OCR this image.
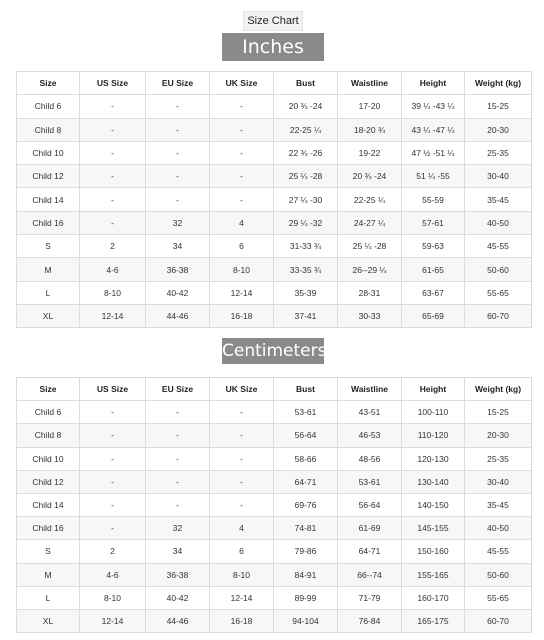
Size Chart
Inches
Size	US Size	EU Size	UK Size	Bust	Waistline	Height	Weight (kg)
Child 6	-	-	-	20 ¾ -24	17-20	39 ¼ -43 ¼	15-25
Child 8	-	-	-	22-25 ¼	18-20 ¾	43 ¼ -47 ¼	20-30
Child 10	-	-	-	22 ¾ -26	19-22	47 ½ -51 ¼	25-35
Child 12	-	-	-	25 ¼ -28	20 ¾ -24	51 ¼ -55	30-40
Child 14	-	-	-	27 ¼ -30	22-25 ¼	55-59	35-45
Child 16	-	32	4	29 ¼ -32	24-27 ¼	57-61	40-50
S	2	34	6	31-33 ¾	25 ¼ -28	59-63	45-55
M	4-6	36-38	8-10	33-35 ¾	26--29 ¼	61-65	50-60
L	8-10	40-42	12-14	35-39	28-31	63-67	55-65
XL	12-14	44-46	16-18	37-41	30-33	65-69	60-70
Centimeters
Size	US Size	EU Size	UK Size	Bust	Waistline	Height	Weight (kg)
Child 6	-	-	-	53-61	43-51	100-110	15-25
Child 8	-	-	-	56-64	46-53	110-120	20-30
Child 10	-	-	-	58-66	48-56	120-130	25-35
Child 12	-	-	-	64-71	53-61	130-140	30-40
Child 14	-	-	-	69-76	56-64	140-150	35-45
Child 16	-	32	4	74-81	61-69	145-155	40-50
S	2	34	6	79-86	64-71	150-160	45-55
M	4-6	36-38	8-10	84-91	66--74	155-165	50-60
L	8-10	40-42	12-14	89-99	71-79	160-170	55-65
XL	12-14	44-46	16-18	94-104	76-84	165-175	60-70
